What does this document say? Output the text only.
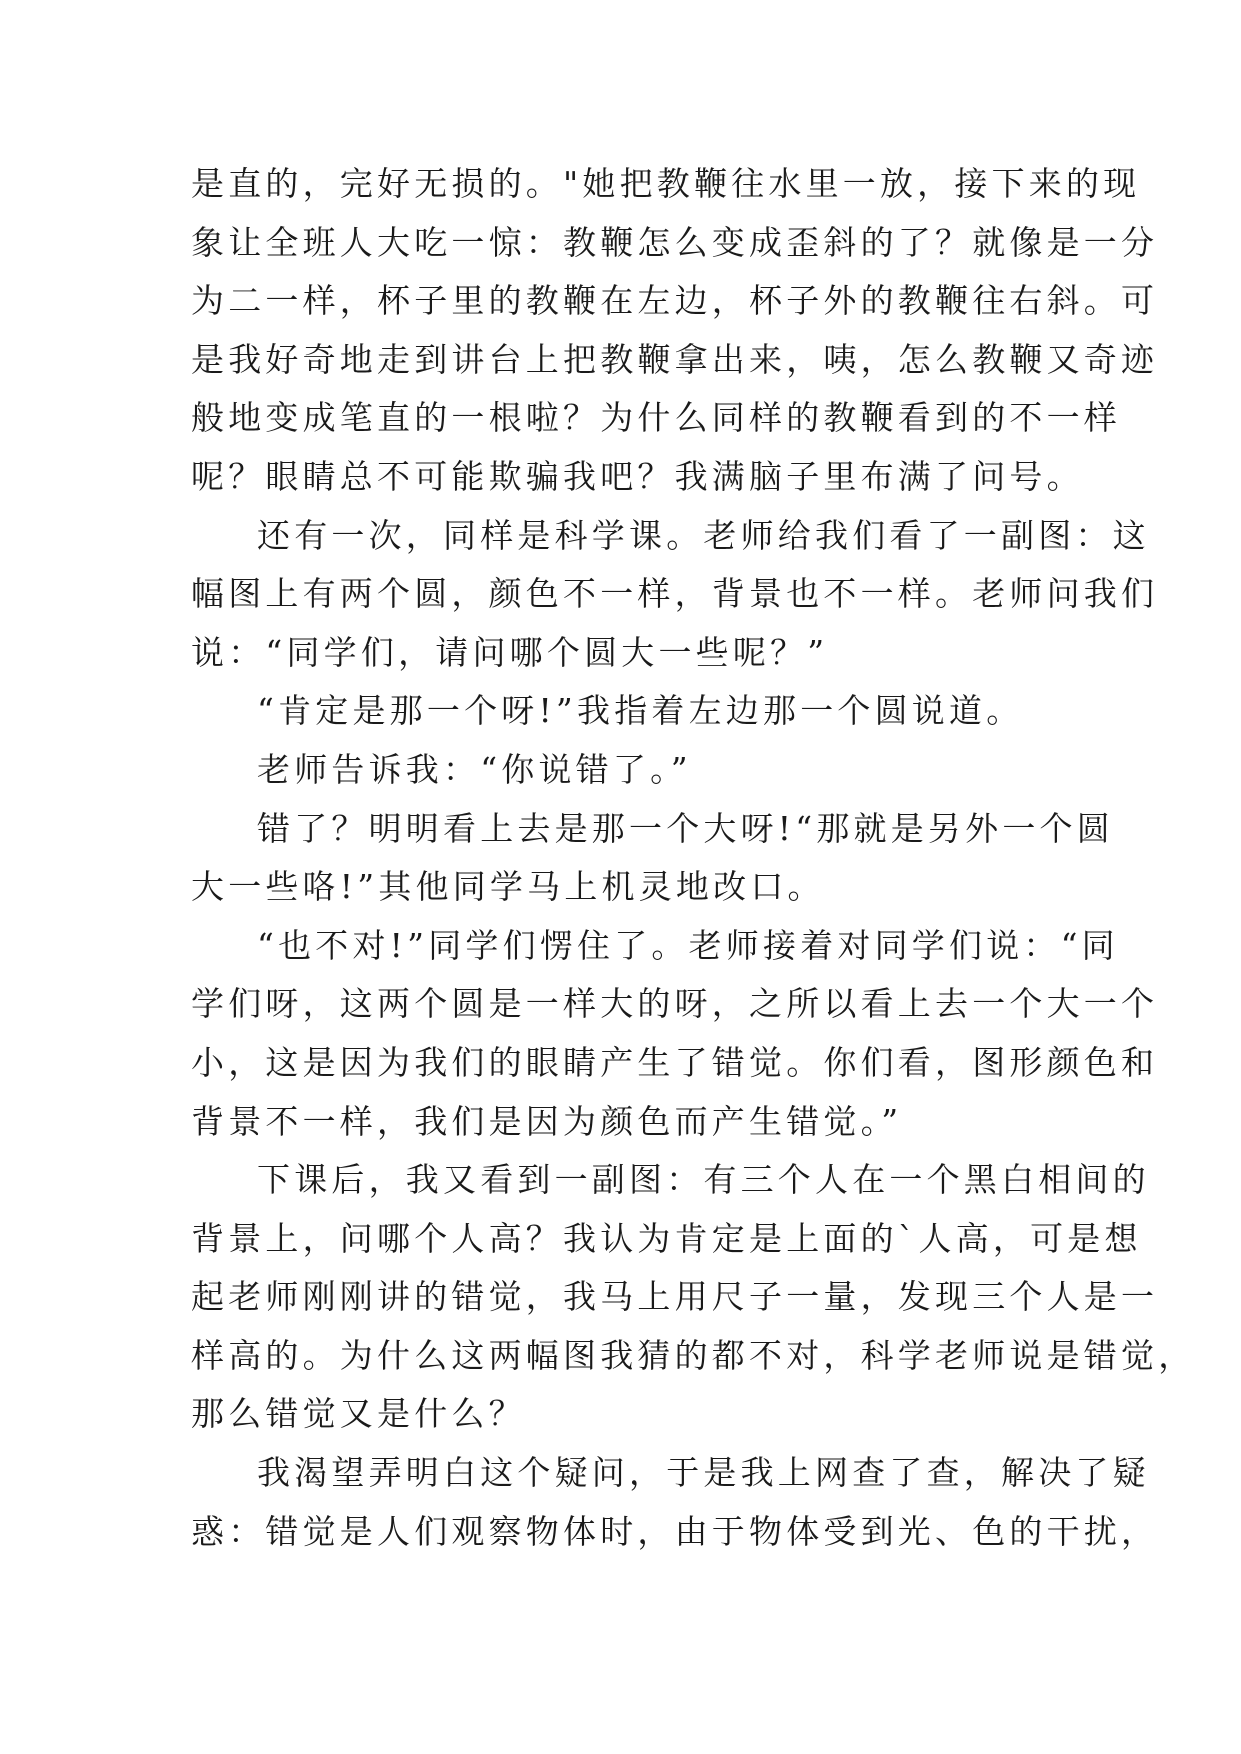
是直的，完好无损的。"她把教鞭往水里一放，接下来的现
象让全班人大吃一惊：教鞭怎么变成歪斜的了？就像是一分
为二一样，杯子里的教鞭在左边，杯子外的教鞭往右斜。可
是我好奇地走到讲台上把教鞭拿出来，咦，怎么教鞭又奇迹
般地变成笔直的一根啦？为什么同样的教鞭看到的不一样
呢？眼睛总不可能欺骗我吧？我满脑子里布满了问号。
还有一次，同样是科学课。老师给我们看了一副图：这
幅图上有两个圆，颜色不一样，背景也不一样。老师问我们
说：“同学们，请问哪个圆大一些呢？”
“肯定是那一个呀!”我指着左边那一个圆说道。
老师告诉我：“你说错了。”
错了？明明看上去是那一个大呀!“那就是另外一个圆
大一些咯!”其他同学马上机灵地改口。
“也不对!”同学们愣住了。老师接着对同学们说：“同
学们呀，这两个圆是一样大的呀，之所以看上去一个大一个
小，这是因为我们的眼睛产生了错觉。你们看，图形颜色和
背景不一样，我们是因为颜色而产生错觉。”
下课后，我又看到一副图：有三个人在一个黑白相间的
背景上，问哪个人高？我认为肯定是上面的`人高，可是想
起老师刚刚讲的错觉，我马上用尺子一量，发现三个人是一
样高的。为什么这两幅图我猜的都不对，科学老师说是错觉，
那么错觉又是什么？
我渴望弄明白这个疑问，于是我上网查了查，解决了疑
惑：错觉是人们观察物体时，由于物体受到光、色的干扰，
